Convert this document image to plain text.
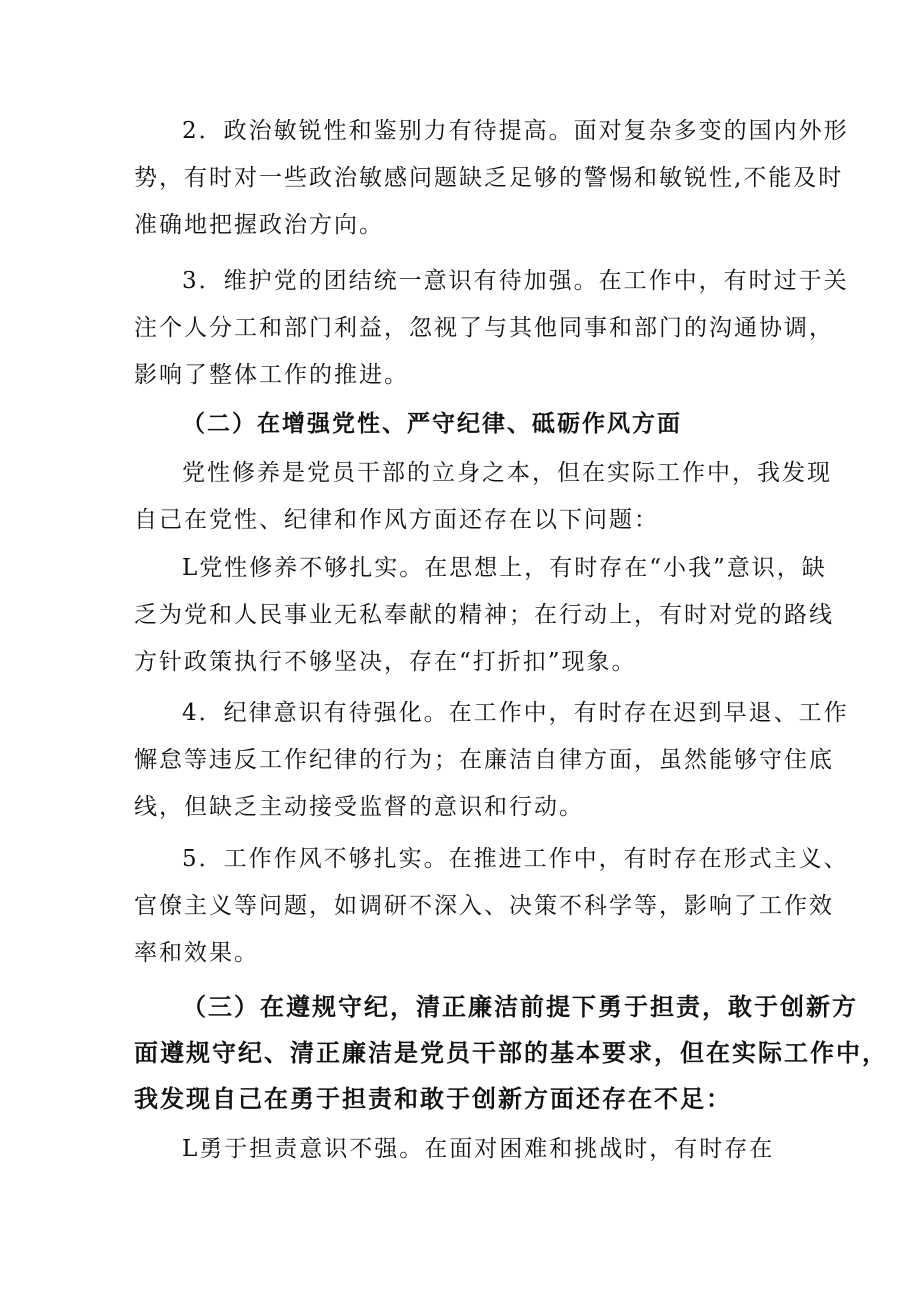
2．政治敏锐性和鉴别力有待提高。面对复杂多变的国内外形
势，有时对一些政治敏感问题缺乏足够的警惕和敏锐性,不能及时
准确地把握政治方向。
3．维护党的团结统一意识有待加强。在工作中，有时过于关
注个人分工和部门利益，忽视了与其他同事和部门的沟通协调，
影响了整体工作的推进。
（二）在增强党性、严守纪律、砥砺作风方面
党性修养是党员干部的立身之本，但在实际工作中，我发现
自己在党性、纪律和作风方面还存在以下问题：
L党性修养不够扎实。在思想上，有时存在“小我”意识，缺
乏为党和人民事业无私奉献的精神；在行动上，有时对党的路线
方针政策执行不够坚决，存在“打折扣”现象。
4．纪律意识有待强化。在工作中，有时存在迟到早退、工作
懈怠等违反工作纪律的行为；在廉洁自律方面，虽然能够守住底
线，但缺乏主动接受监督的意识和行动。
5．工作作风不够扎实。在推进工作中，有时存在形式主义、
官僚主义等问题，如调研不深入、决策不科学等，影响了工作效
率和效果。
（三）在遵规守纪，清正廉洁前提下勇于担责，敢于创新方
面遵规守纪、清正廉洁是党员干部的基本要求，但在实际工作中，
我发现自己在勇于担责和敢于创新方面还存在不足：
L勇于担责意识不强。在面对困难和挑战时，有时存在
